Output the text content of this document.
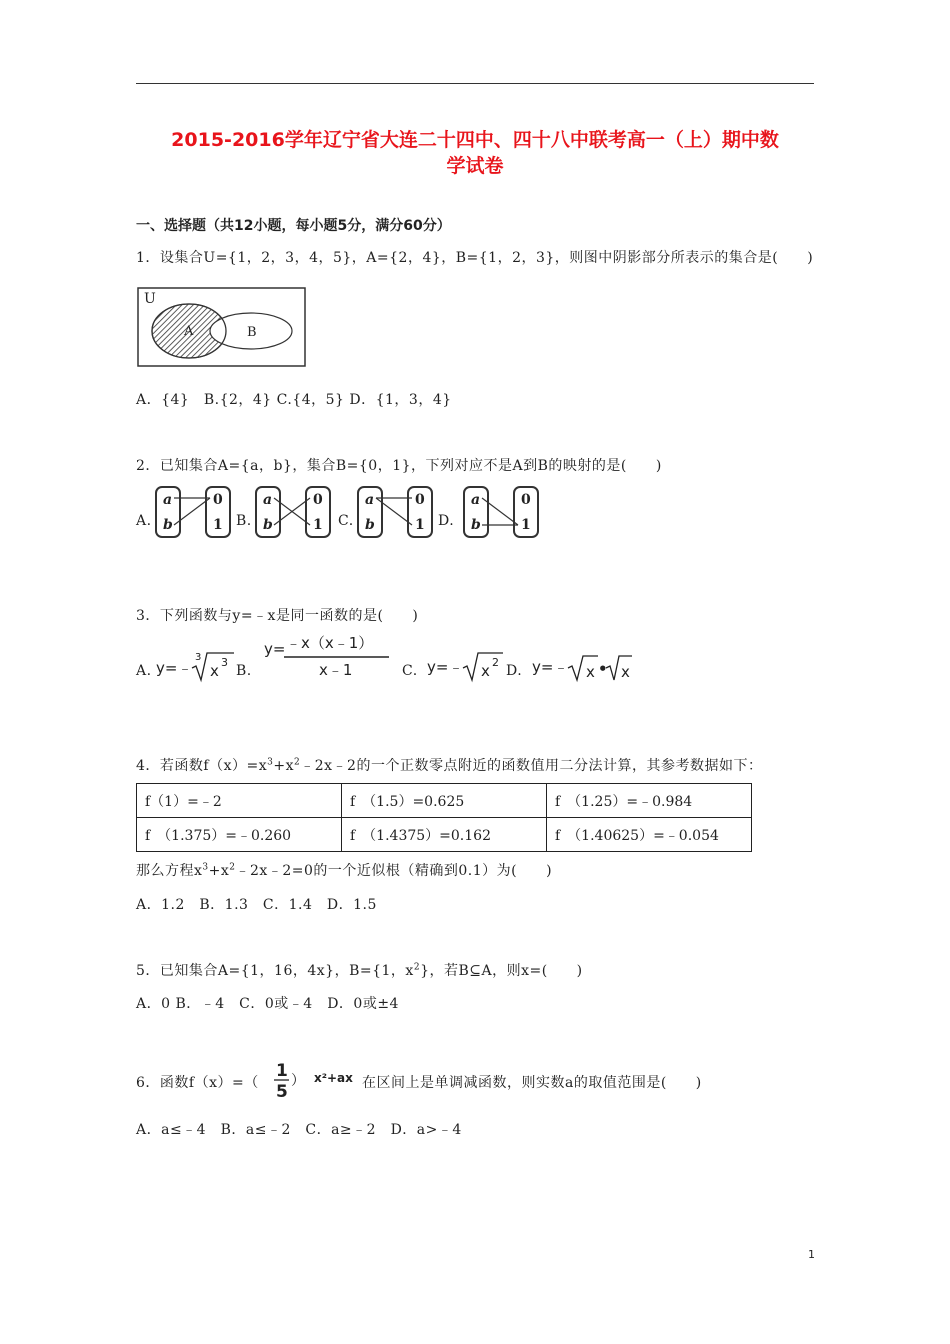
2015-2016学年辽宁省大连二十四中、四十八中联考高一（上）期中数
学试卷
一、选择题（共12小题，每小题5分，满分60分）
1．设集合U={1，2，3，4，5}，A={2，4}，B={1，2，3}，则图中阴影部分所表示的集合是(　　)
U
A	B
A．{4}　B.{2，4} C.{4，5} D．{1，3，4}
2．已知集合A={a，b}，集合B={0，1}，下列对应不是A到B的映射的是(　　)
A.
a
b
0
1 B.
a
b
0
1 C.
a
b
0
1 D.
a
b
0
1
3．下列函数与y=﹣x是同一函数的是(　　)
A. y=﹣
3
x 3
B.
y= ﹣x（x﹣1）
x﹣1	C. y=﹣ x 2
D. y=﹣ x • x
4．若函数$f(x)=x^3+x^2﹣2x﹣2$的一个正数零点附近的函数值用二分法计算，其参考数据如下：
f（1）=﹣2	f　（1.5）=0.625	f　（1.25）=﹣0.984
f　（1.375）=﹣0.260	f　（1.4375）=0.162	f　（1.40625）=﹣0.054
那么方程$x^3+x^2﹣2x﹣2=0$的一个近似根（精确到0.1）为(　　)
A．1.2　B．1.3　C．1.4　D．1.5
5．已知集合A={1，16，4x}，B={1，$x^2$}，若B⊆A，则x=(　　)
A．0 B．﹣4　C．0或﹣4　D．0或±4
6．函数f（x）=（
1
5
） x²+ax 在区间上是单调减函数，则实数a的取值范围是(　　)
A．a≤﹣4　B．a≤﹣2　C．a≥﹣2　D．a>﹣4
1
